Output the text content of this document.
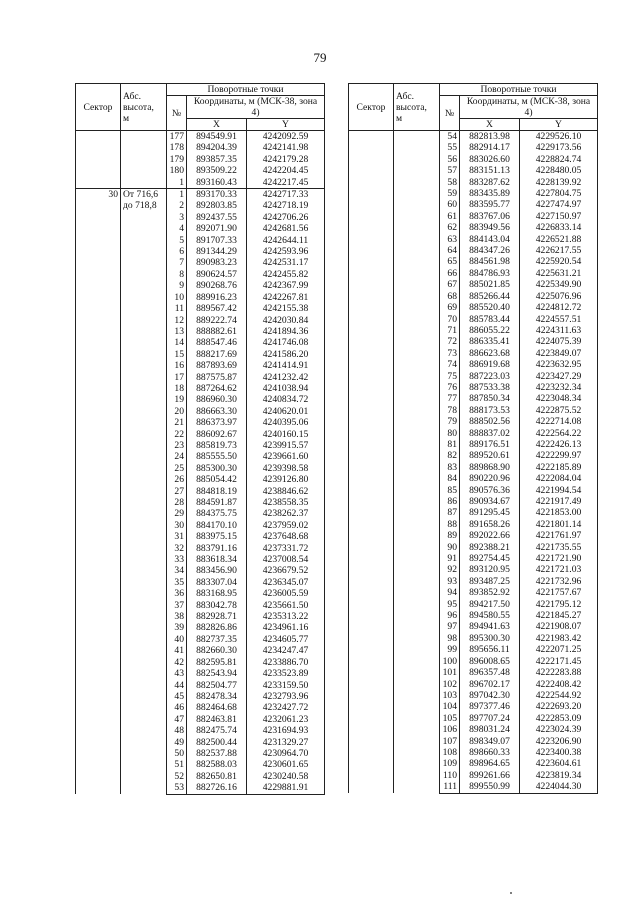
79
Сектор	Абс.
высота,
м	Поворотные точки		
		№	Координаты, м (МСК-38, зона 4)	
			X	Y
		177	894549.91	4242092.59
		178	894204.39	4242141.98
		179	893857.35	4242179.28
		180	893509.22	4242204.45
		1	893160.43	4242217.45
30	От 716,6
до 718,8	1	893170.33	4242717.33
		2	892803.85	4242718.19
		3	892437.55	4242706.26
		4	892071.90	4242681.56
		5	891707.33	4242644.11
		6	891344.29	4242593.96
		7	890983.23	4242531.17
		8	890624.57	4242455.82
		9	890268.76	4242367.99
		10	889916.23	4242267.81
		11	889567.42	4242155.38
		12	889222.74	4242030.84
		13	888882.61	4241894.36
		14	888547.46	4241746.08
		15	888217.69	4241586.20
		16	887893.69	4241414.91
		17	887575.87	4241232.42
		18	887264.62	4241038.94
		19	886960.30	4240834.72
		20	886663.30	4240620.01
		21	886373.97	4240395.06
		22	886092.67	4240160.15
		23	885819.73	4239915.57
		24	885555.50	4239661.60
		25	885300.30	4239398.58
		26	885054.42	4239126.80
		27	884818.19	4238846.62
		28	884591.87	4238558.35
		29	884375.75	4238262.37
		30	884170.10	4237959.02
		31	883975.15	4237648.68
		32	883791.16	4237331.72
		33	883618.34	4237008.54
		34	883456.90	4236679.52
		35	883307.04	4236345.07
		36	883168.95	4236005.59
		37	883042.78	4235661.50
		38	882928.71	4235313.22
		39	882826.86	4234961.16
		40	882737.35	4234605.77
		41	882660.30	4234247.47
		42	882595.81	4233886.70
		43	882543.94	4233523.89
		44	882504.77	4233159.50
		45	882478.34	4232793.96
		46	882464.68	4232427.72
		47	882463.81	4232061.23
		48	882475.74	4231694.93
		49	882500.44	4231329.27
		50	882537.88	4230964.70
		51	882588.03	4230601.65
		52	882650.81	4230240.58
		53	882726.16	4229881.91
Сектор	Абс.
высота,
м	Поворотные точки		
		№	Координаты, м (МСК-38, зона 4)	
			X	Y
		54	882813.98	4229526.10
		55	882914.17	4229173.56
		56	883026.60	4228824.74
		57	883151.13	4228480.05
		58	883287.62	4228139.92
		59	883435.89	4227804.75
		60	883595.77	4227474.97
		61	883767.06	4227150.97
		62	883949.56	4226833.14
		63	884143.04	4226521.88
		64	884347.26	4226217.55
		65	884561.98	4225920.54
		66	884786.93	4225631.21
		67	885021.85	4225349.90
		68	885266.44	4225076.96
		69	885520.40	4224812.72
		70	885783.44	4224557.51
		71	886055.22	4224311.63
		72	886335.41	4224075.39
		73	886623.68	4223849.07
		74	886919.68	4223632.95
		75	887223.03	4223427.29
		76	887533.38	4223232.34
		77	887850.34	4223048.34
		78	888173.53	4222875.52
		79	888502.56	4222714.08
		80	888837.02	4222564.22
		81	889176.51	4222426.13
		82	889520.61	4222299.97
		83	889868.90	4222185.89
		84	890220.96	4222084.04
		85	890576.36	4221994.54
		86	890934.67	4221917.49
		87	891295.45	4221853.00
		88	891658.26	4221801.14
		89	892022.66	4221761.97
		90	892388.21	4221735.55
		91	892754.45	4221721.90
		92	893120.95	4221721.03
		93	893487.25	4221732.96
		94	893852.92	4221757.67
		95	894217.50	4221795.12
		96	894580.55	4221845.27
		97	894941.63	4221908.07
		98	895300.30	4221983.42
		99	895656.11	4222071.25
		100	896008.65	4222171.45
		101	896357.48	4222283.88
		102	896702.17	4222408.42
		103	897042.30	4222544.92
		104	897377.46	4222693.20
		105	897707.24	4222853.09
		106	898031.24	4223024.39
		107	898349.07	4223206.90
		108	898660.33	4223400.38
		109	898964.65	4223604.61
		110	899261.66	4223819.34
		111	899550.99	4224044.30
